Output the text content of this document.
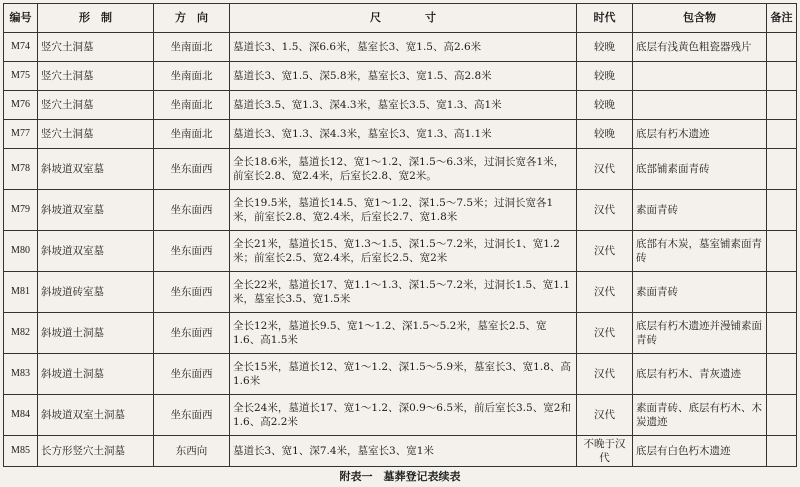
编号	形　制	方　向	尺　　　　寸	时代	包含物	备注
M74	竖穴土洞墓	坐南面北	墓道长3、1.5、深6.6米，墓室长3、宽1.5、高2.6米	较晚	底层有浅黄色粗瓷器残片	
M75	竖穴土洞墓	坐南面北	墓道长3、宽1.5、深5.8米，墓室长3、宽1.5、高2.8米	较晚		
M76	竖穴土洞墓	坐南面北	墓道长3.5、宽1.3、深4.3米，墓室长3.5、宽1.3、高1米	较晚		
M77	竖穴土洞墓	坐南面北	墓道长3、宽1.3、深4.3米，墓室长3、宽1.3、高1.1米	较晚	底层有朽木遗迹	
M78	斜坡道双室墓	坐东面西	全长18.6米，墓道长12、宽1～1.2、深1.5～6.3米，过洞长宽各1米，前室长2.8、宽2.4米，后室长2.8、宽2米。	汉代	底部铺素面青砖	
M79	斜坡道双室墓	坐东面西	全长19.5米，墓道长14.5、宽1～1.2、深1.5～7.5米；过洞长宽各1米，前室长2.8、宽2.4米，后室长2.7、宽1.8米	汉代	素面青砖	
M80	斜坡道双室墓	坐东面西	全长21米，墓道长15、宽1.3～1.5、深1.5～7.2米，过洞长1、宽1.2米；前室长2.5、宽2.4米，后室长2.5、宽2米	汉代	底部有木炭，墓室铺素面青砖	
M81	斜坡道砖室墓	坐东面西	全长22米，墓道长17、宽1.1～1.3、深1.5～7.2米，过洞长1.5、宽1.1米，墓室长3.5、宽1.5米	汉代	素面青砖	
M82	斜坡道土洞墓	坐东面西	全长12米，墓道长9.5、宽1～1.2、深1.5～5.2米，墓室长2.5、宽1.6、高1.5米	汉代	底层有朽木遗迹并漫铺素面青砖	
M83	斜坡道土洞墓	坐东面西	全长15米，墓道长12、宽1～1.2、深1.5～5.9米，墓室长3、宽1.8、高1.6米	汉代	底层有朽木、青灰遗迹	
M84	斜坡道双室土洞墓	坐东面西	全长24米，墓道长17、宽1～1.2、深0.9～6.5米，前后室长3.5、宽2和1.6、高2.2米	汉代	素面青砖、底层有朽木、木炭遗迹	
M85	长方形竖穴土洞墓	东西向	墓道长3、宽1、深7.4米，墓室长3、宽1米	不晚于汉代	底层有白色朽木遗迹	
附表一　墓葬登记表续表
